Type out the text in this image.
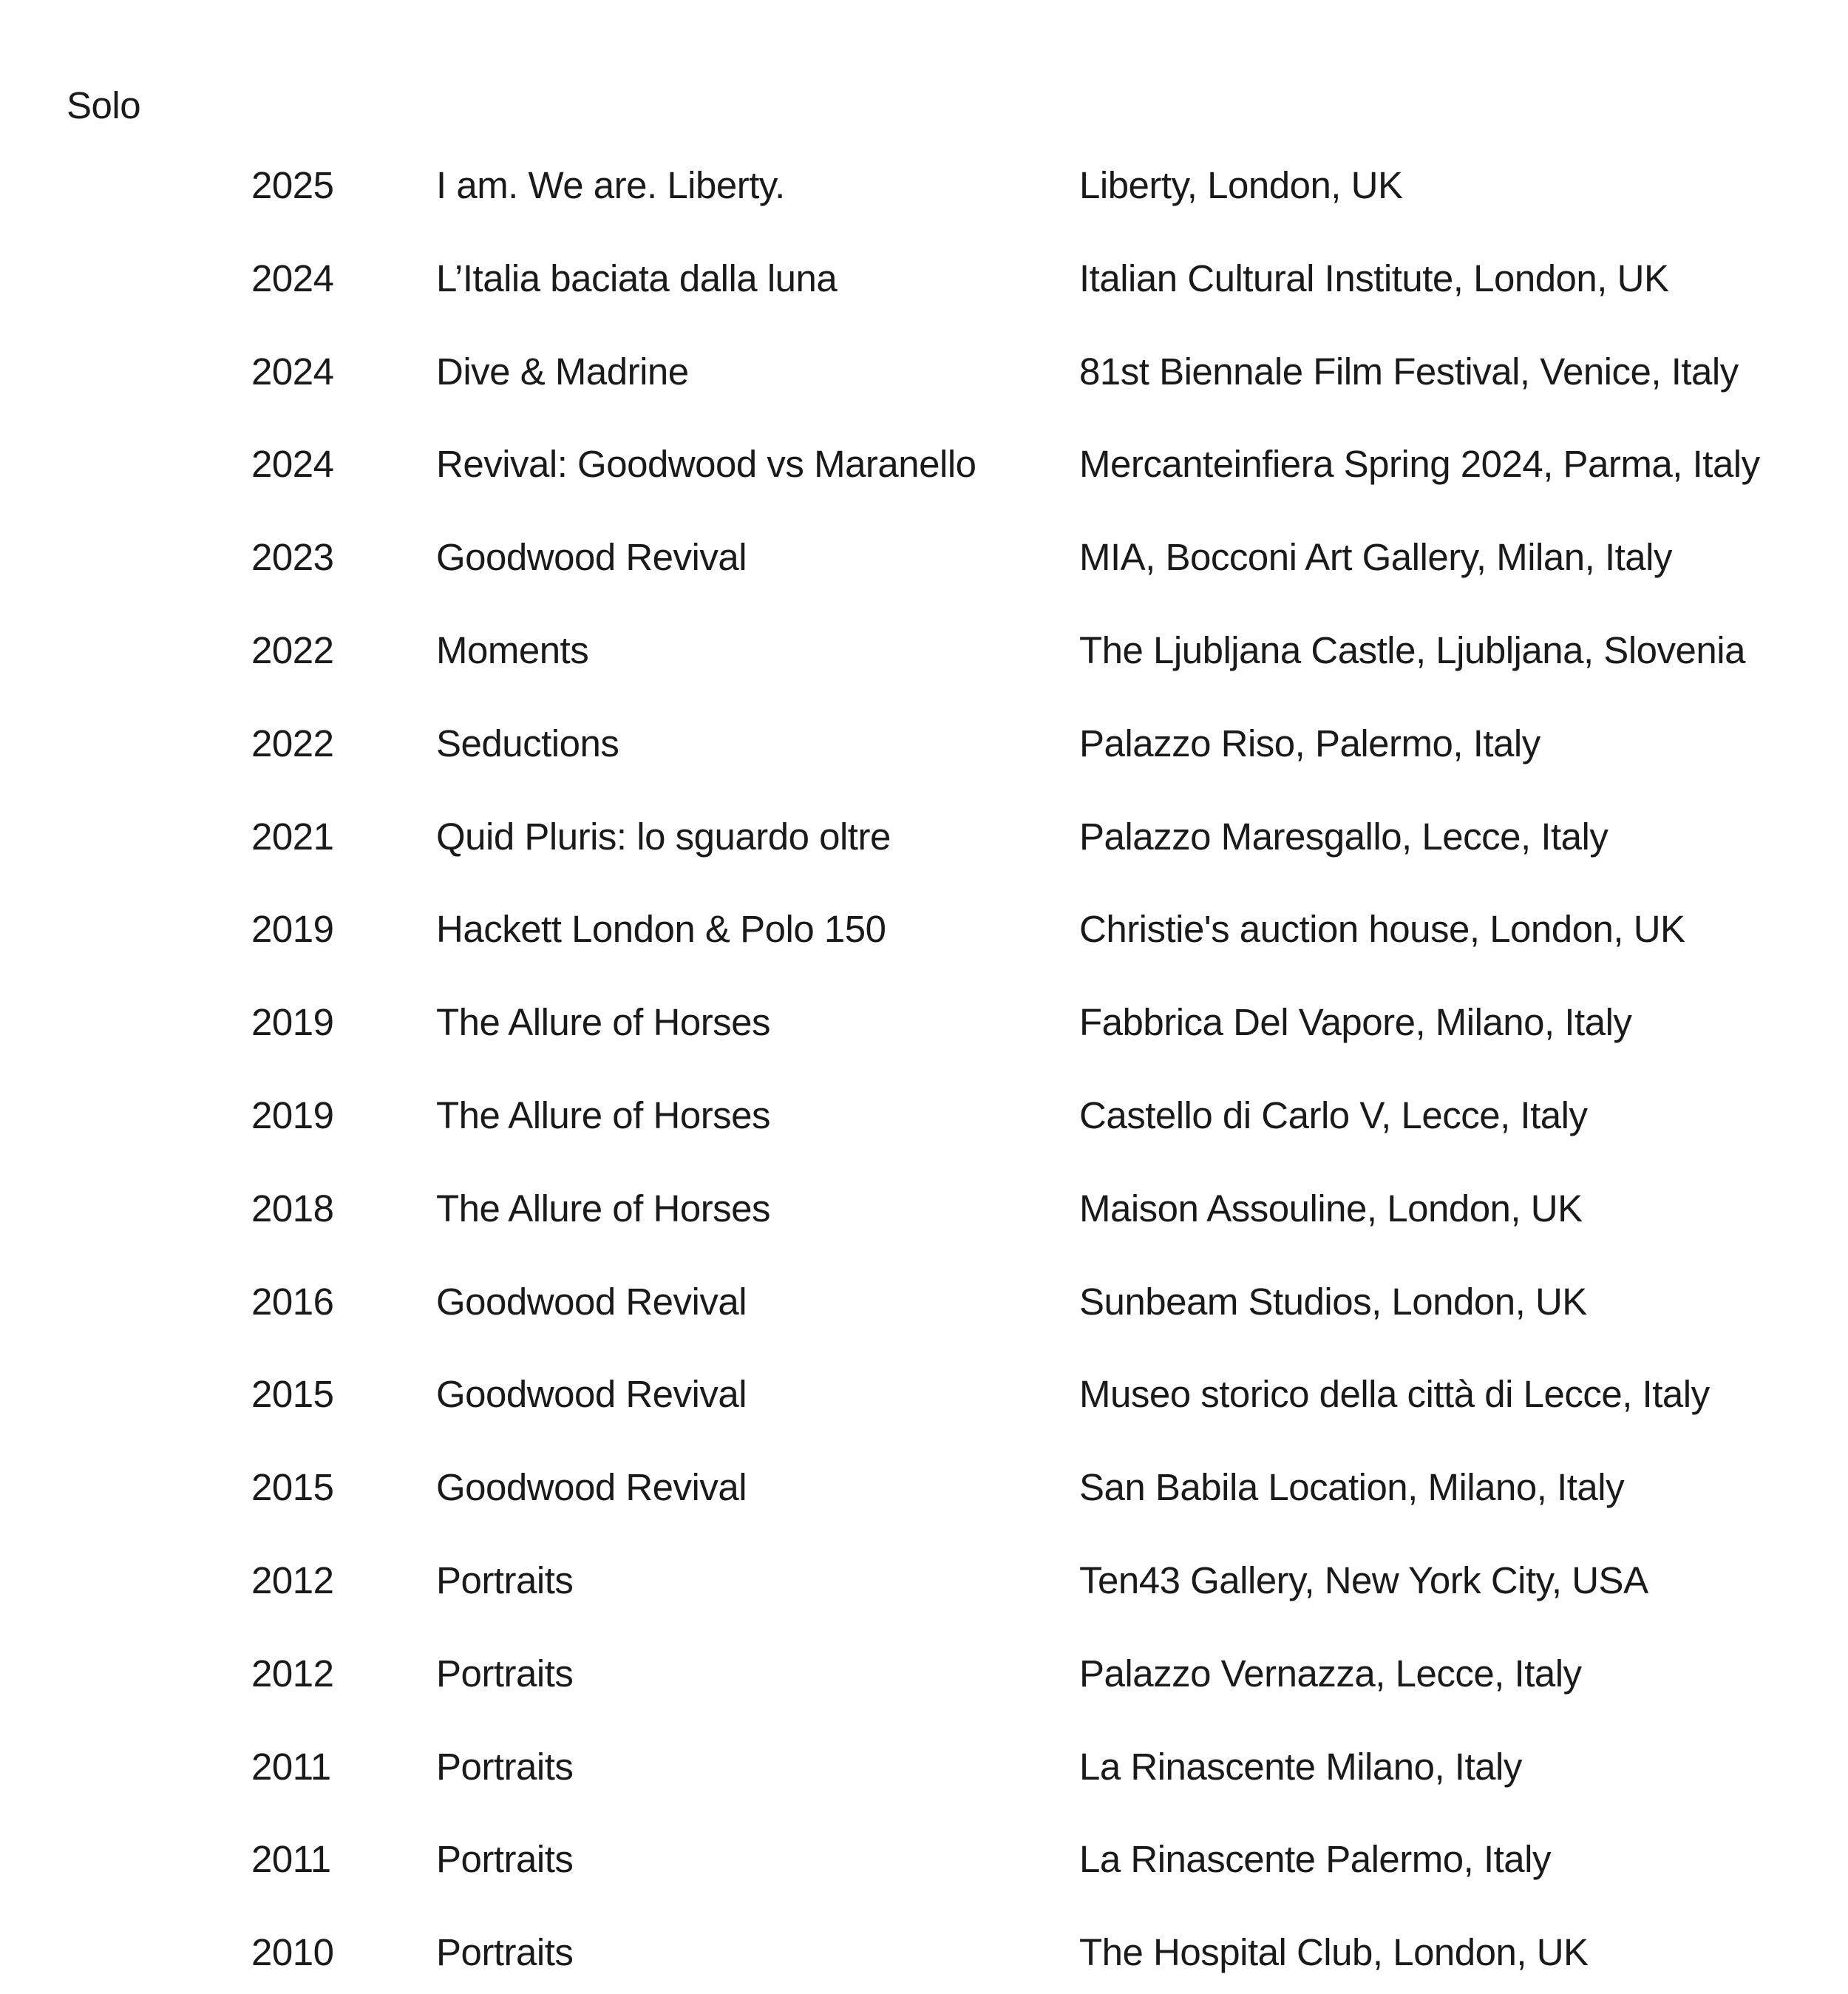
Solo
2025	I am. We are. Liberty.	Liberty, London, UK
2024	L’Italia baciata dalla luna	Italian Cultural Institute, London, UK
2024	Dive & Madrine	81st Biennale Film Festival, Venice, Italy
2024	Revival: Goodwood vs Maranello	Mercanteinfiera Spring 2024, Parma, Italy
2023	Goodwood Revival	MIA, Bocconi Art Gallery, Milan, Italy
2022	Moments	The Ljubljana Castle, Ljubljana, Slovenia
2022	Seductions	Palazzo Riso, Palermo, Italy
2021	Quid Pluris: lo sguardo oltre	Palazzo Maresgallo, Lecce, Italy
2019	Hackett London & Polo 150	Christie's auction house, London, UK
2019	The Allure of Horses	Fabbrica Del Vapore, Milano, Italy
2019	The Allure of Horses	Castello di Carlo V, Lecce, Italy
2018	The Allure of Horses	Maison Assouline, London, UK
2016	Goodwood Revival	Sunbeam Studios, London, UK
2015	Goodwood Revival	Museo storico della città di Lecce, Italy
2015	Goodwood Revival	San Babila Location, Milano, Italy
2012	Portraits	Ten43 Gallery, New York City, USA
2012	Portraits	Palazzo Vernazza, Lecce, Italy
2011	Portraits	La Rinascente Milano, Italy
2011	Portraits	La Rinascente Palermo, Italy
2010	Portraits	The Hospital Club, London, UK
